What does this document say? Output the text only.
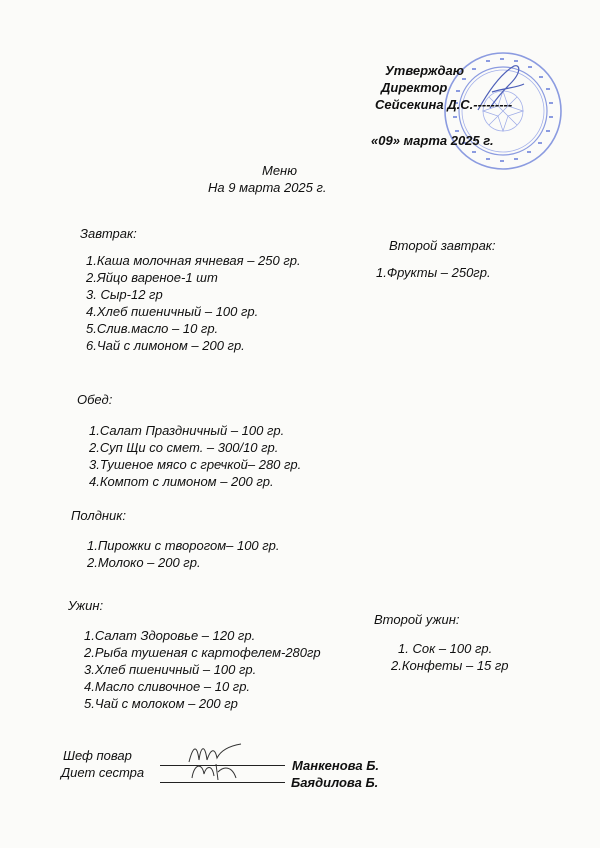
Утверждаю
Директор
Сейсекина Д.С.---------
«09» марта 2025 г.
Меню
На 9 марта 2025 г.
Завтрак:
1.Каша молочная ячневая – 250 гр.
2.Яйцо вареное-1 шт
3. Сыр-12 гр
4.Хлеб пшеничный – 100 гр.
5.Слив.масло – 10 гр.
6.Чай с лимоном – 200 гр.
Второй завтрак:
1.Фрукты – 250гр.
Обед:
1.Салат Праздничный – 100 гр.
2.Суп Щи со смет. – 300/10 гр.
3.Тушеное мясо с гречкой– 280 гр.
4.Компот с лимоном – 200 гр.
Полдник:
1.Пирожки с творогом– 100 гр.
2.Молоко – 200 гр.
Ужин:
1.Салат Здоровье – 120 гр.
2.Рыба тушеная с картофелем-280гр
3.Хлеб пшеничный – 100 гр.
4.Масло сливочное – 10 гр.
5.Чай с молоком – 200 гр
Второй ужин:
1. Сок – 100 гр.
2.Конфеты – 15 гр
Шеф повар
Манкенова Б.
Диет сестра
Баядилова Б.
